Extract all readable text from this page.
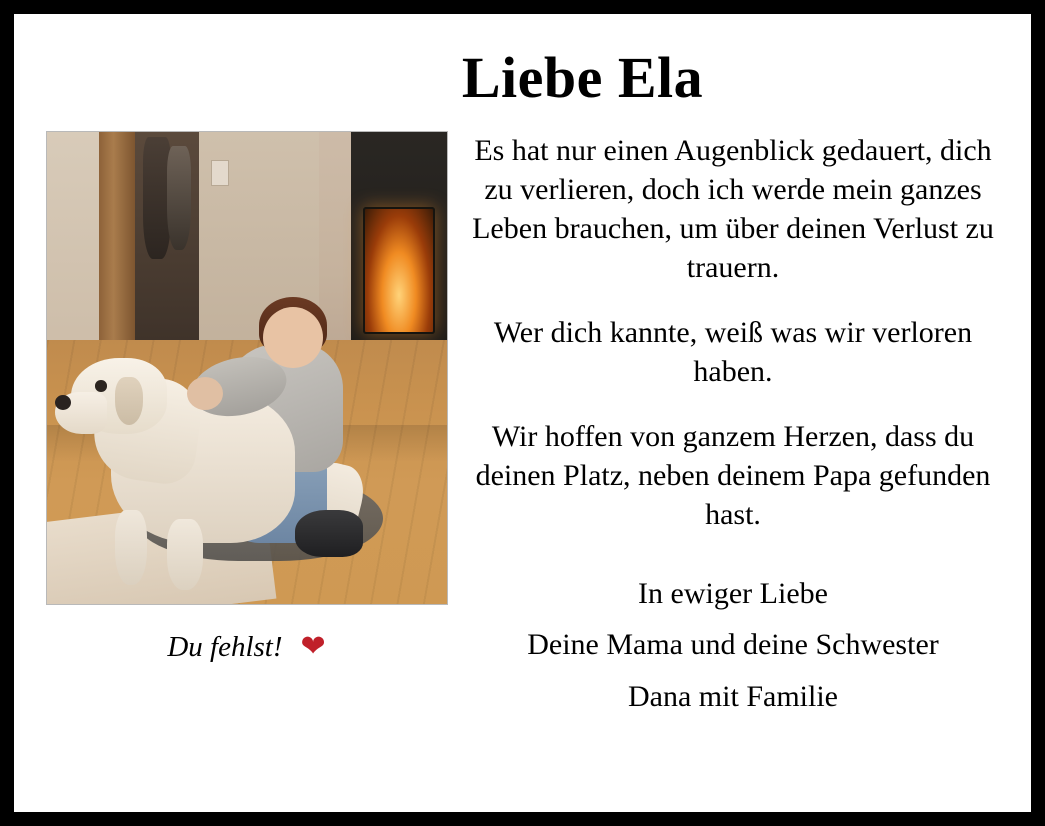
Liebe Ela
Du fehlst! ❤

Es hat nur einen Augenblick gedauert, dich zu verlieren, doch ich werde mein ganzes Leben brauchen, um über deinen Verlust zu trauern.

Wer dich kannte, weiß was wir verloren haben.

Wir hoffen von ganzem Herzen, dass du deinen Platz, neben deinem Papa gefunden hast.

In ewiger Liebe

Deine Mama und deine Schwester

Dana mit Familie
